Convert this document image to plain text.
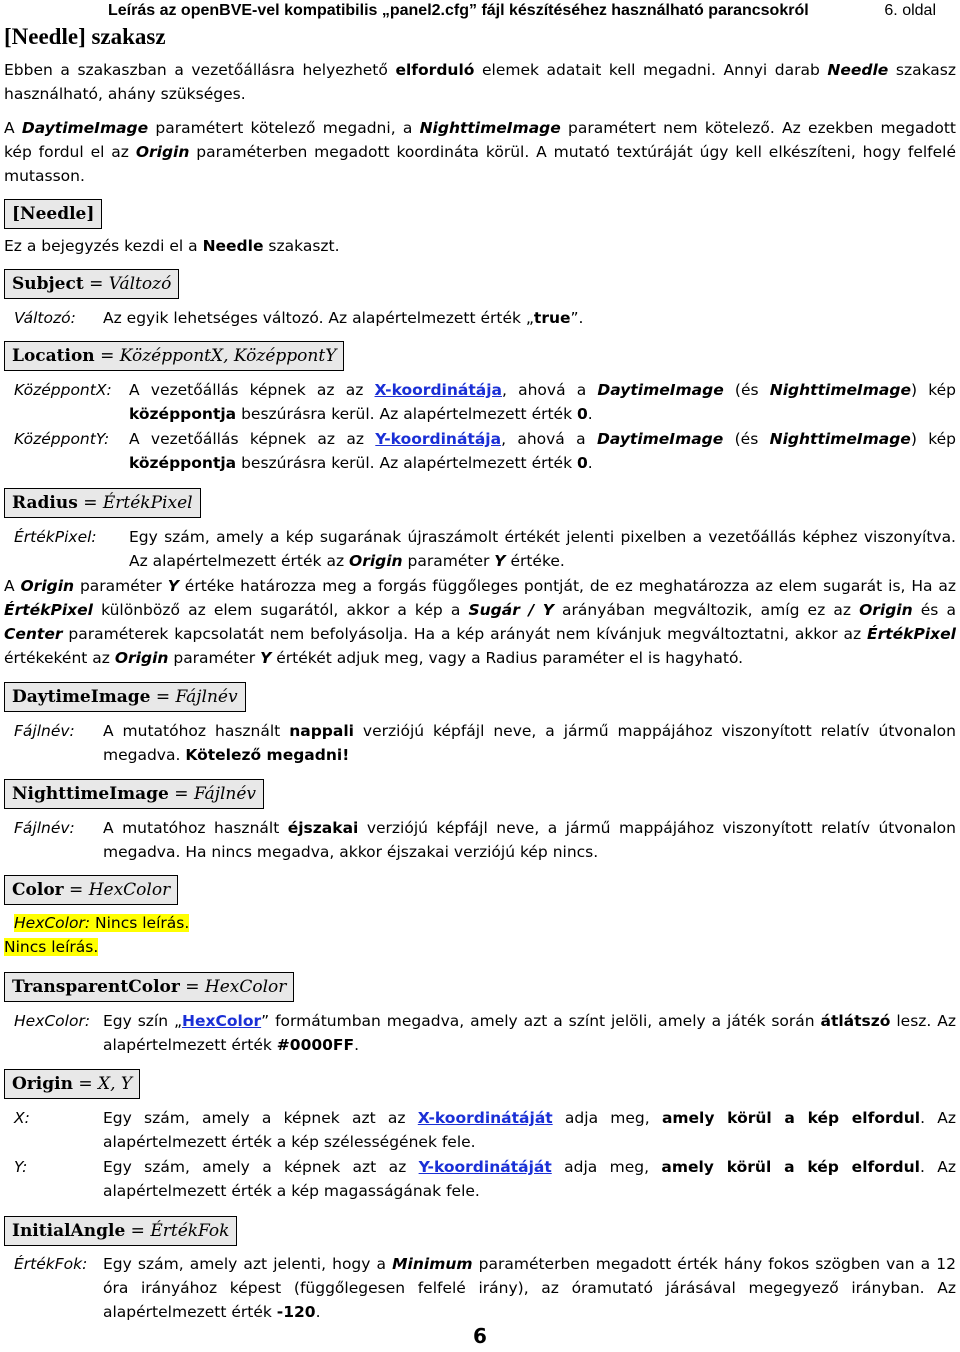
Leírás az openBVE-vel kompatibilis „panel2.cfg” fájl készítéséhez használható parancsokról	6. oldal
[Needle] szakasz
Ebben a szakaszban a vezetőállásra helyezhető elforduló elemek adatait kell megadni. Annyi darab Needle szakasz használható, ahány szükséges.
A DaytimeImage paramétert kötelező megadni, a NighttimeImage paramétert nem kötelező. Az ezekben megadott kép fordul el az Origin paraméterben megadott koordináta körül. A mutató textúráját úgy kell elkészíteni, hogy felfelé mutasson.
[Needle]
Ez a bejegyzés kezdi el a Needle szakaszt.
Subject = Változó
Változó: Az egyik lehetséges változó. Az alapértelmezett érték „true”.
Location = KözéppontX, KözéppontY
KözéppontX: A vezetőállás képnek az az X-koordinátája, ahová a DaytimeImage (és NighttimeImage) kép középpontja beszúrásra kerül. Az alapértelmezett érték 0.
KözéppontY: A vezetőállás képnek az az Y-koordinátája, ahová a DaytimeImage (és NighttimeImage) kép középpontja beszúrásra kerül. Az alapértelmezett érték 0.
Radius = ÉrtékPixel
ÉrtékPixel: Egy szám, amely a kép sugarának újraszámolt értékét jelenti pixelben a vezetőállás képhez viszonyítva. Az alapértelmezett érték az Origin paraméter Y értéke.
A Origin paraméter Y értéke határozza meg a forgás függőleges pontját, de ez meghatározza az elem sugarát is, Ha az ÉrtékPixel különböző az elem sugarától, akkor a kép a Sugár / Y arányában megváltozik, amíg ez az Origin és a Center paraméterek kapcsolatát nem befolyásolja. Ha a kép arányát nem kívánjuk megváltoztatni, akkor az ÉrtékPixel értékeként az Origin paraméter Y értékét adjuk meg, vagy a Radius paraméter el is hagyható.
DaytimeImage = Fájlnév
Fájlnév: A mutatóhoz használt nappali verziójú képfájl neve, a jármű mappájához viszonyított relatív útvonalon megadva. Kötelező megadni!
NighttimeImage = Fájlnév
Fájlnév: A mutatóhoz használt éjszakai verziójú képfájl neve, a jármű mappájához viszonyított relatív útvonalon megadva. Ha nincs megadva, akkor éjszakai verziójú kép nincs.
Color = HexColor
HexColor: Nincs leírás.
Nincs leírás.
TransparentColor = HexColor
HexColor: Egy szín „HexColor” formátumban megadva, amely azt a színt jelöli, amely a játék során átlátszó lesz. Az alapértelmezett érték #0000FF.
Origin = X, Y
X:	Egy szám, amely a képnek azt az X-koordinátáját adja meg, amely körül a kép elfordul. Az alapértelmezett érték a kép szélességének fele.
Y:	Egy szám, amely a képnek azt az Y-koordinátáját adja meg, amely körül a kép elfordul. Az alapértelmezett érték a kép magasságának fele.
InitialAngle = ÉrtékFok
ÉrtékFok: Egy szám, amely azt jelenti, hogy a Minimum paraméterben megadott érték hány fokos szögben van a 12 óra irányához képest (függőlegesen felfelé irány), az óramutató járásával megegyező irányban. Az alapértelmezett érték -120.
6
